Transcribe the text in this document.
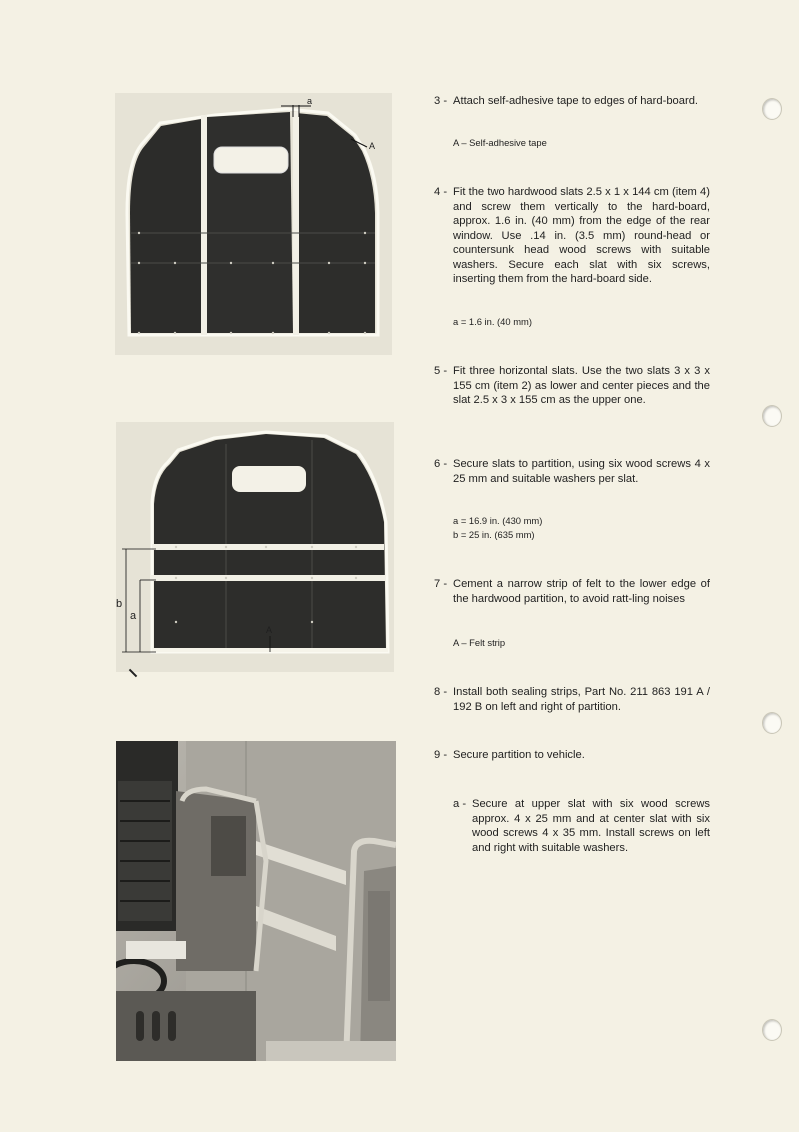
a
A
b
a
A
3 - Attach self-adhesive tape to edges of hard-board.
A – Self-adhesive tape
4 - Fit the two hardwood slats 2.5 x 1 x 144 cm (item 4) and screw them vertically to the hard-board, approx. 1.6 in. (40 mm) from the edge of the rear window. Use .14 in. (3.5 mm) round-head or countersunk head wood screws with suitable washers. Secure each slat with six screws, inserting them from the hard-board side.
a = 1.6 in. (40 mm)
5 - Fit three horizontal slats. Use the two slats 3 x 3 x 155 cm (item 2) as lower and center pieces and the slat 2.5 x 3 x 155 cm as the upper one.
6 - Secure slats to partition, using six wood screws 4 x 25 mm and suitable washers per slat.
a = 16.9 in. (430 mm)
b = 25 in. (635 mm)
7 - Cement a narrow strip of felt to the lower edge of the hardwood partition, to avoid ratt-ling noises
A – Felt strip
8 - Install both sealing strips, Part No. 211 863 191 A / 192 B on left and right of partition.
9 - Secure partition to vehicle.
a - Secure at upper slat with six wood screws approx. 4 x 25 mm and at center slat with six wood screws 4 x 35 mm. Install screws on left and right with suitable washers.
